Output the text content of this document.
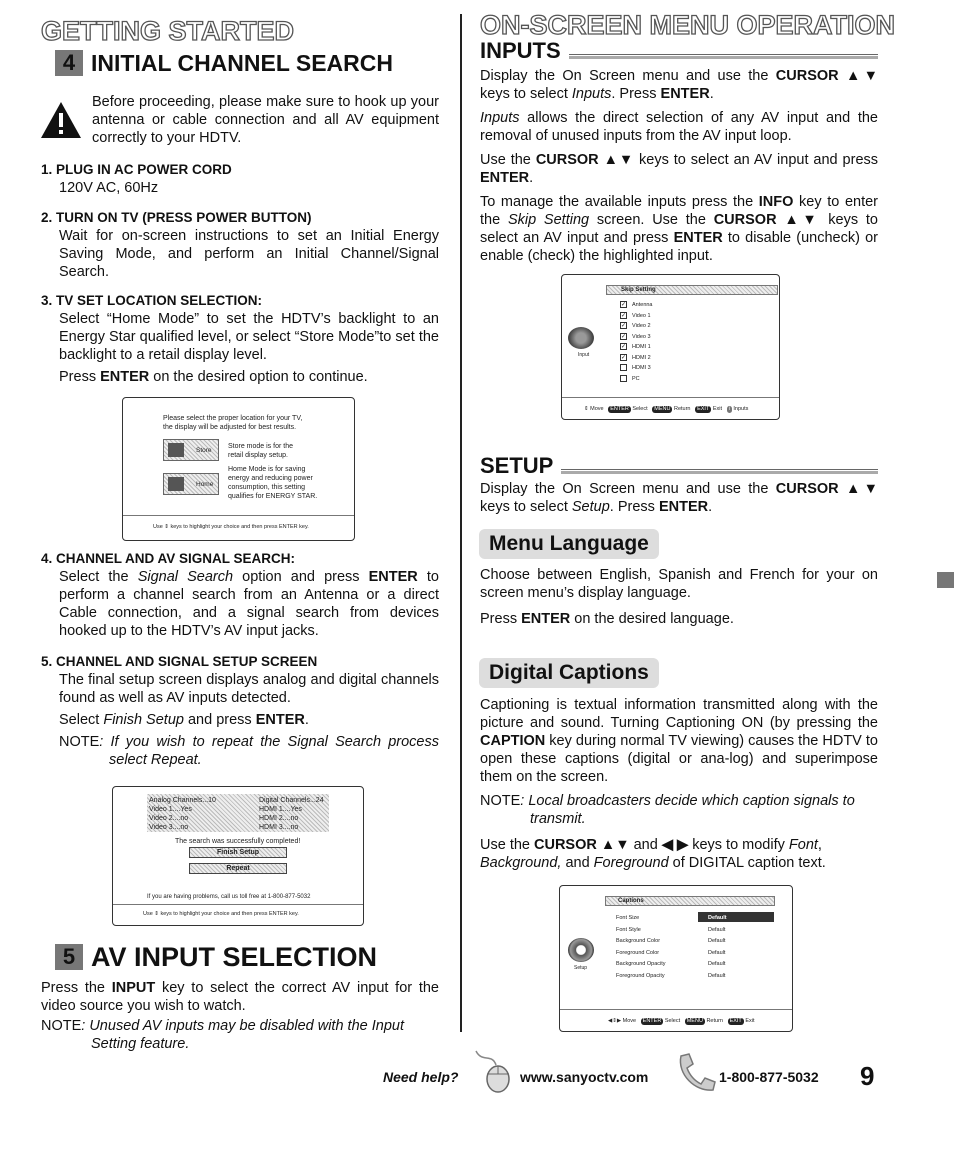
GETTING STARTED
4 INITIAL CHANNEL SEARCH
Before proceeding, please make sure to hook up your antenna or cable connection and all AV equipment correctly to your HDTV.
1. PLUG IN AC POWER CORD
120V AC, 60Hz
2. TURN ON TV (PRESS POWER BUTTON)
Wait for on-screen instructions to set an Initial Energy Saving Mode, and perform an Initial Channel/Signal Search.
3. TV SET LOCATION SELECTION:

Select “Home Mode” to set the HDTV’s backlight to an Energy Star qualified level, or select “Store Mode”to set the backlight to a retail display level.

Press ENTER on the desired option to continue.

Please select the proper location for your TV,
the display will be adjusted for best results.
Store
Store mode is for the
retail display setup.
Home
Home Mode is for saving
energy and reducing power
consumption, this setting
qualifies for ENERGY STAR.
Use ⇕ keys to highlight your choice and then press ENTER key.
4. CHANNEL AND AV SIGNAL SEARCH:
Select the Signal Search option and press ENTER to perform a channel search from an Antenna or a direct Cable connection, and a signal search from devices hooked up to the HDTV’s AV input jacks.
5. CHANNEL AND SIGNAL SETUP SCREEN

The final setup screen displays analog and digital channels found as well as AV inputs detected.

Select Finish Setup and press ENTER.

NOTE: If you wish to repeat the Signal Search process select Repeat.

Analog Channels...10
Video 1....Yes
Video 2....no
Video 3....no
Digital Channels...24
HDMI 1....Yes
HDMI 2....no
HDMI 3....no
The search was successfully completed!
Finish Setup
Repeat
If you are having problems, call us toll free at 1-800-877-5032
Use ⇕ keys to highlight your choice and then press ENTER key.
5 AV INPUT SELECTION

Press the INPUT key to select the correct AV input for the video source you wish to watch.

NOTE: Unused AV inputs may be disabled with the Input Setting feature.

ON-SCREEN MENU OPERATION
INPUTS

Display the On Screen menu and use the CURSOR ▲▼ keys to select Inputs. Press ENTER.

Inputs allows the direct selection of any AV input and the removal of unused inputs from the AV input loop.

Use the CURSOR ▲▼ keys to select an AV input and press ENTER.

To manage the available inputs press the INFO key to enter the Skip Setting screen. Use the CURSOR ▲▼ keys to select an AV input and press ENTER to disable (uncheck) or enable (check) the highlighted input.

Skip Setting
Input
✓ Antenna
✓ Video 1
✓ Video 2
✓ Video 3
✓ HDMI 1
✓ HDMI 2
HDMI 3
PC
⇕ Move ENTER Select MENU Return EXIT Exit i Inputs
SETUP

Display the On Screen menu and use the CURSOR ▲▼ keys to select Setup. Press ENTER.

Menu Language

Choose between English, Spanish and French for your on screen menu’s display language.

Press ENTER on the desired language.

Digital Captions

Captioning is textual information transmitted along with the picture and sound. Turning Captioning ON (by pressing the CAPTION key during normal TV viewing) causes the HDTV to open these captions (digital or ana-log) and superimpose them on the screen.

NOTE: Local broadcasters decide which caption signals to transmit.

Use the CURSOR ▲▼ and ◀ ▶ keys to modify Font, Background, and Foreground of DIGITAL caption text.

Captions
Setup
Font Size
Font Style
Background Color
Foreground Color
Background Opacity
Foreground Opacity
Default
Default
Default
Default
Default
Default
◀⇕▶ Move ENTER Select MENU Return EXIT Exit
Need help?	www.sanyoctv.com	1-800-877-5032 9
